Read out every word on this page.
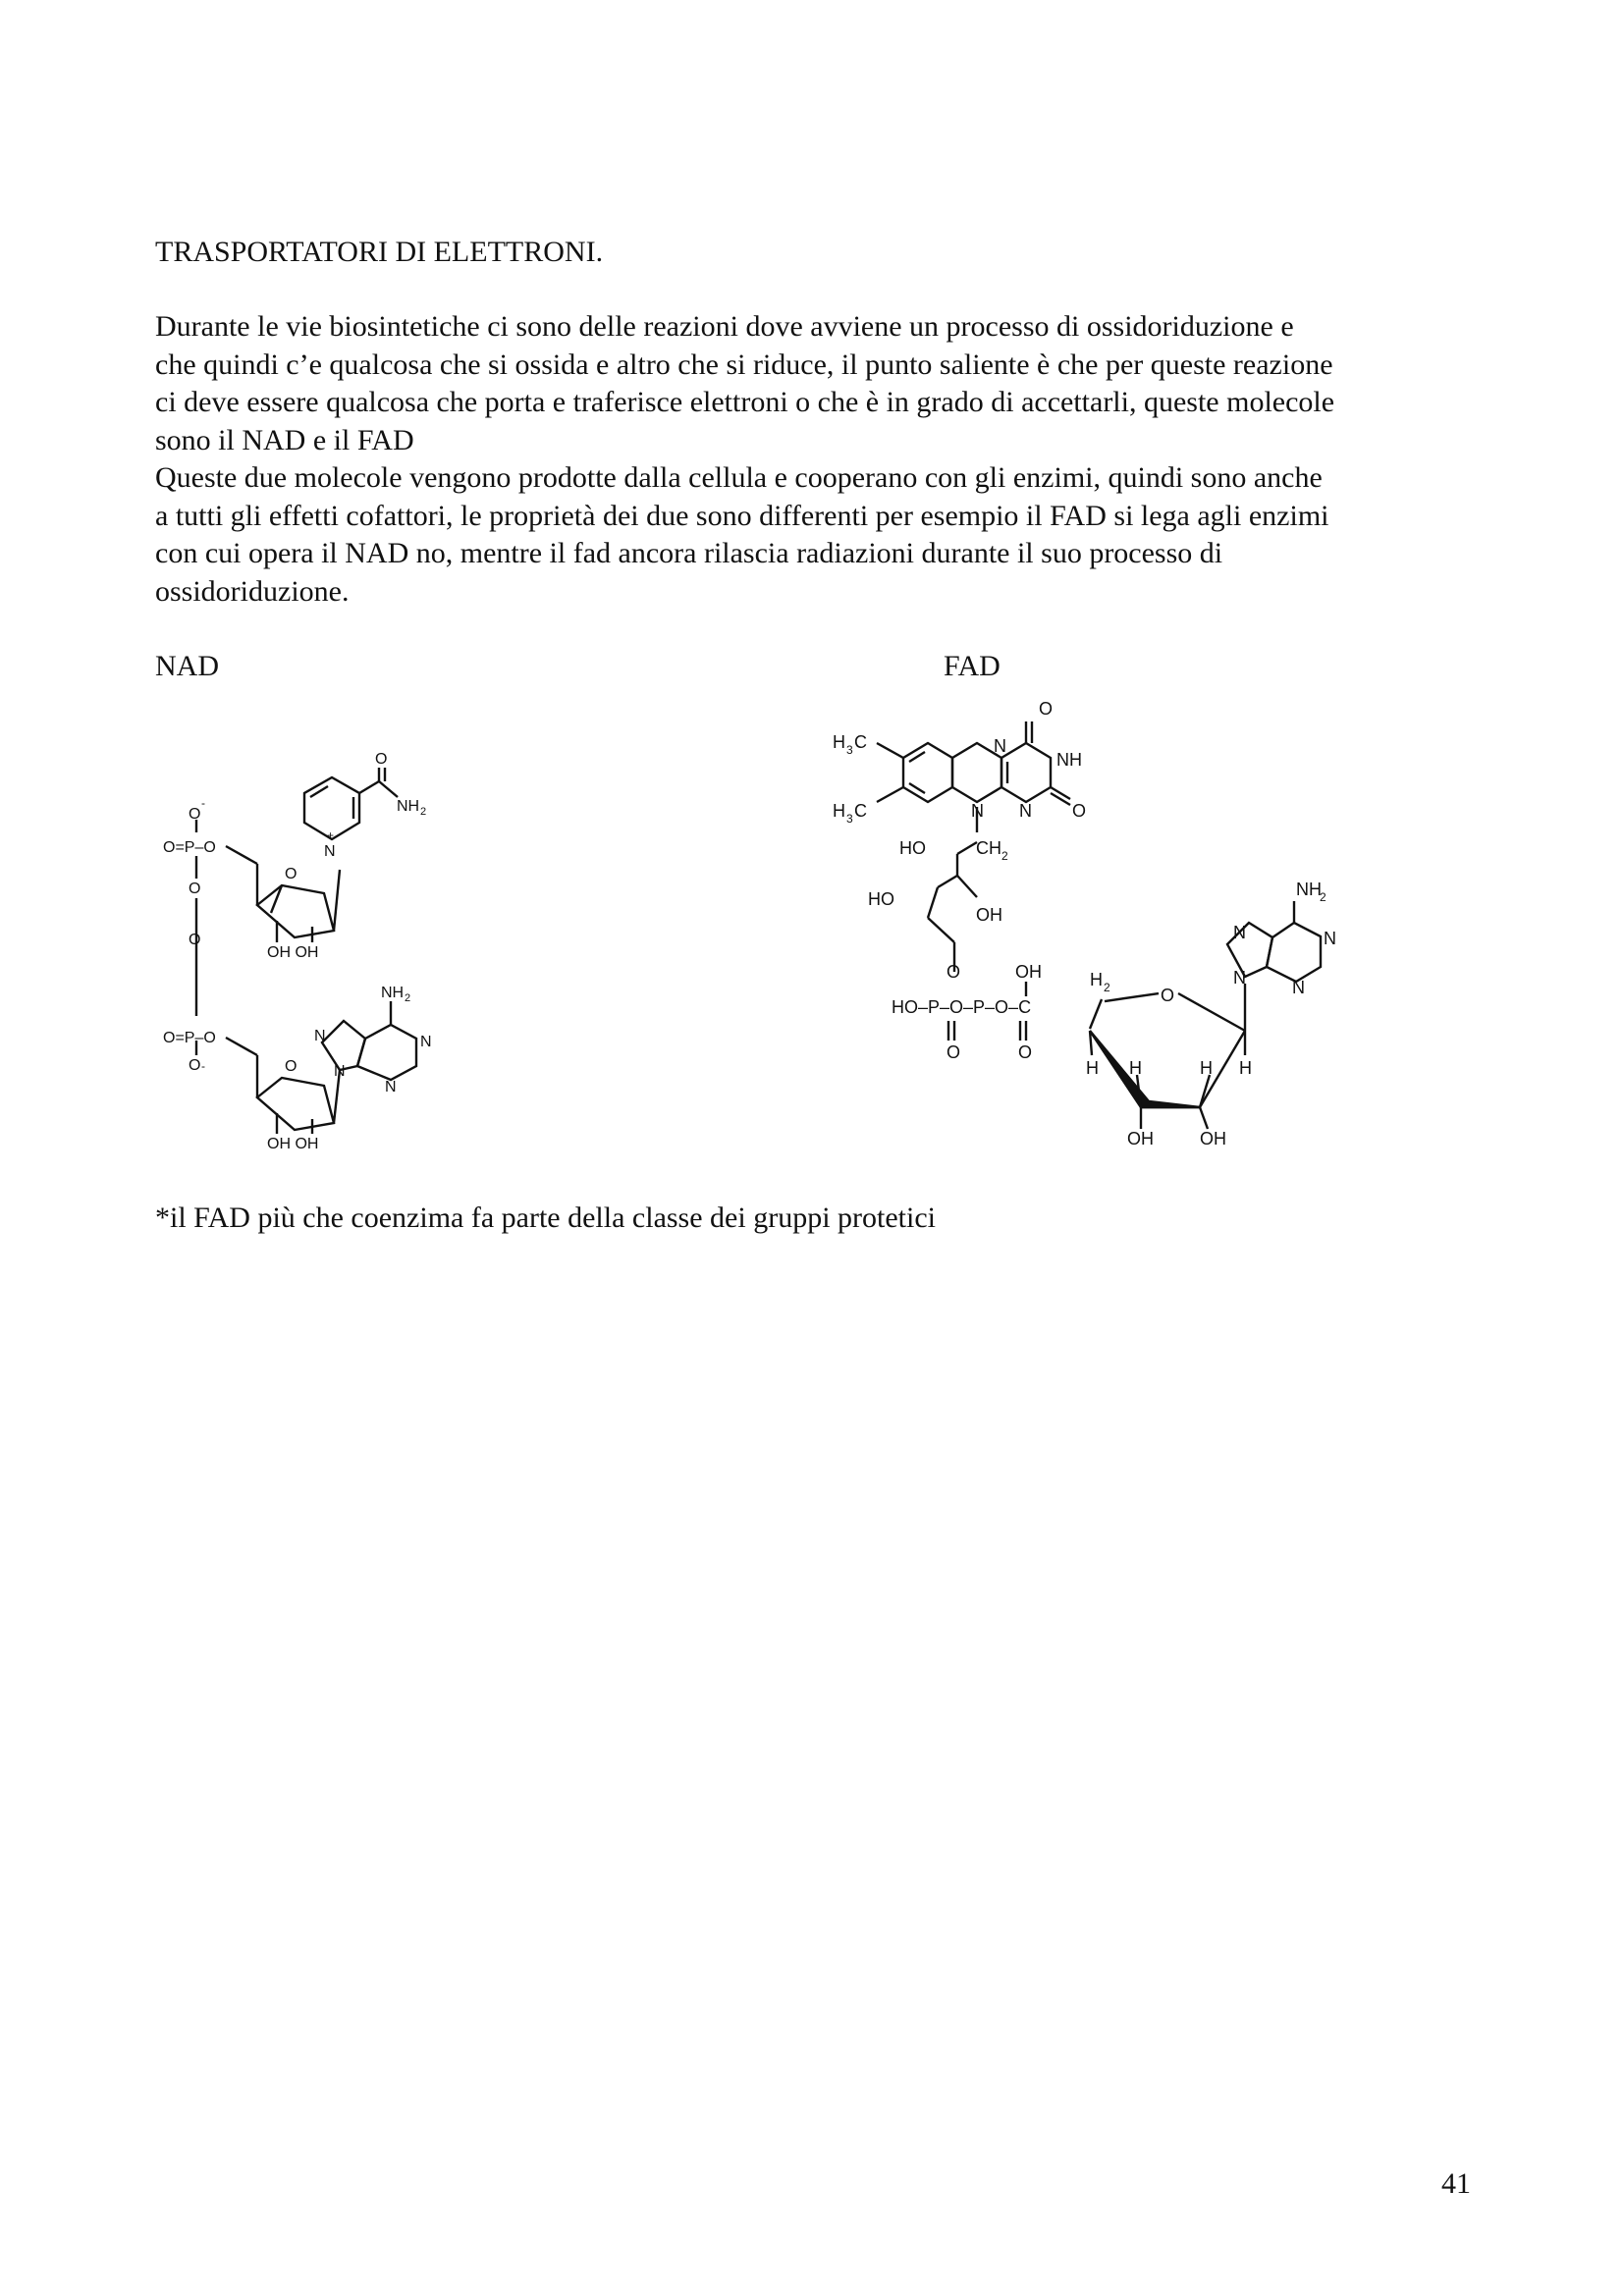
TRASPORTATORI DI ELETTRONI.
Durante le vie biosintetiche ci sono delle reazioni dove avviene un processo di ossidoriduzione e
che quindi c’e qualcosa che si ossida e altro che si riduce, il punto saliente è che per queste reazione
ci deve essere qualcosa che porta e traferisce elettroni o che è in grado di accettarli, queste molecole
sono il NAD e il FAD
Queste due molecole vengono prodotte dalla cellula e cooperano con gli enzimi, quindi sono anche
a tutti gli effetti cofattori, le proprietà dei due sono differenti per esempio il FAD si lega agli enzimi
con cui opera il NAD no, mentre il fad ancora rilascia radiazioni durante il suo processo di
ossidoriduzione.
NAD	FAD
O
-
O=P–O
O
O
O=P–O
O -
N
+
O
NH 2
O
OH OH
O
OH OH
NH 2
N
N
N
N
H 3 C
H 3 C
N
N N
O
NH
O
HO	CH 2
HO
OH
O	OH
HO–P–O–P–O–C
O	O
H 2	O
H H	H H
OH	OH
NH
2
N
N
N
N
*il FAD più che coenzima fa parte della classe dei gruppi protetici
41
